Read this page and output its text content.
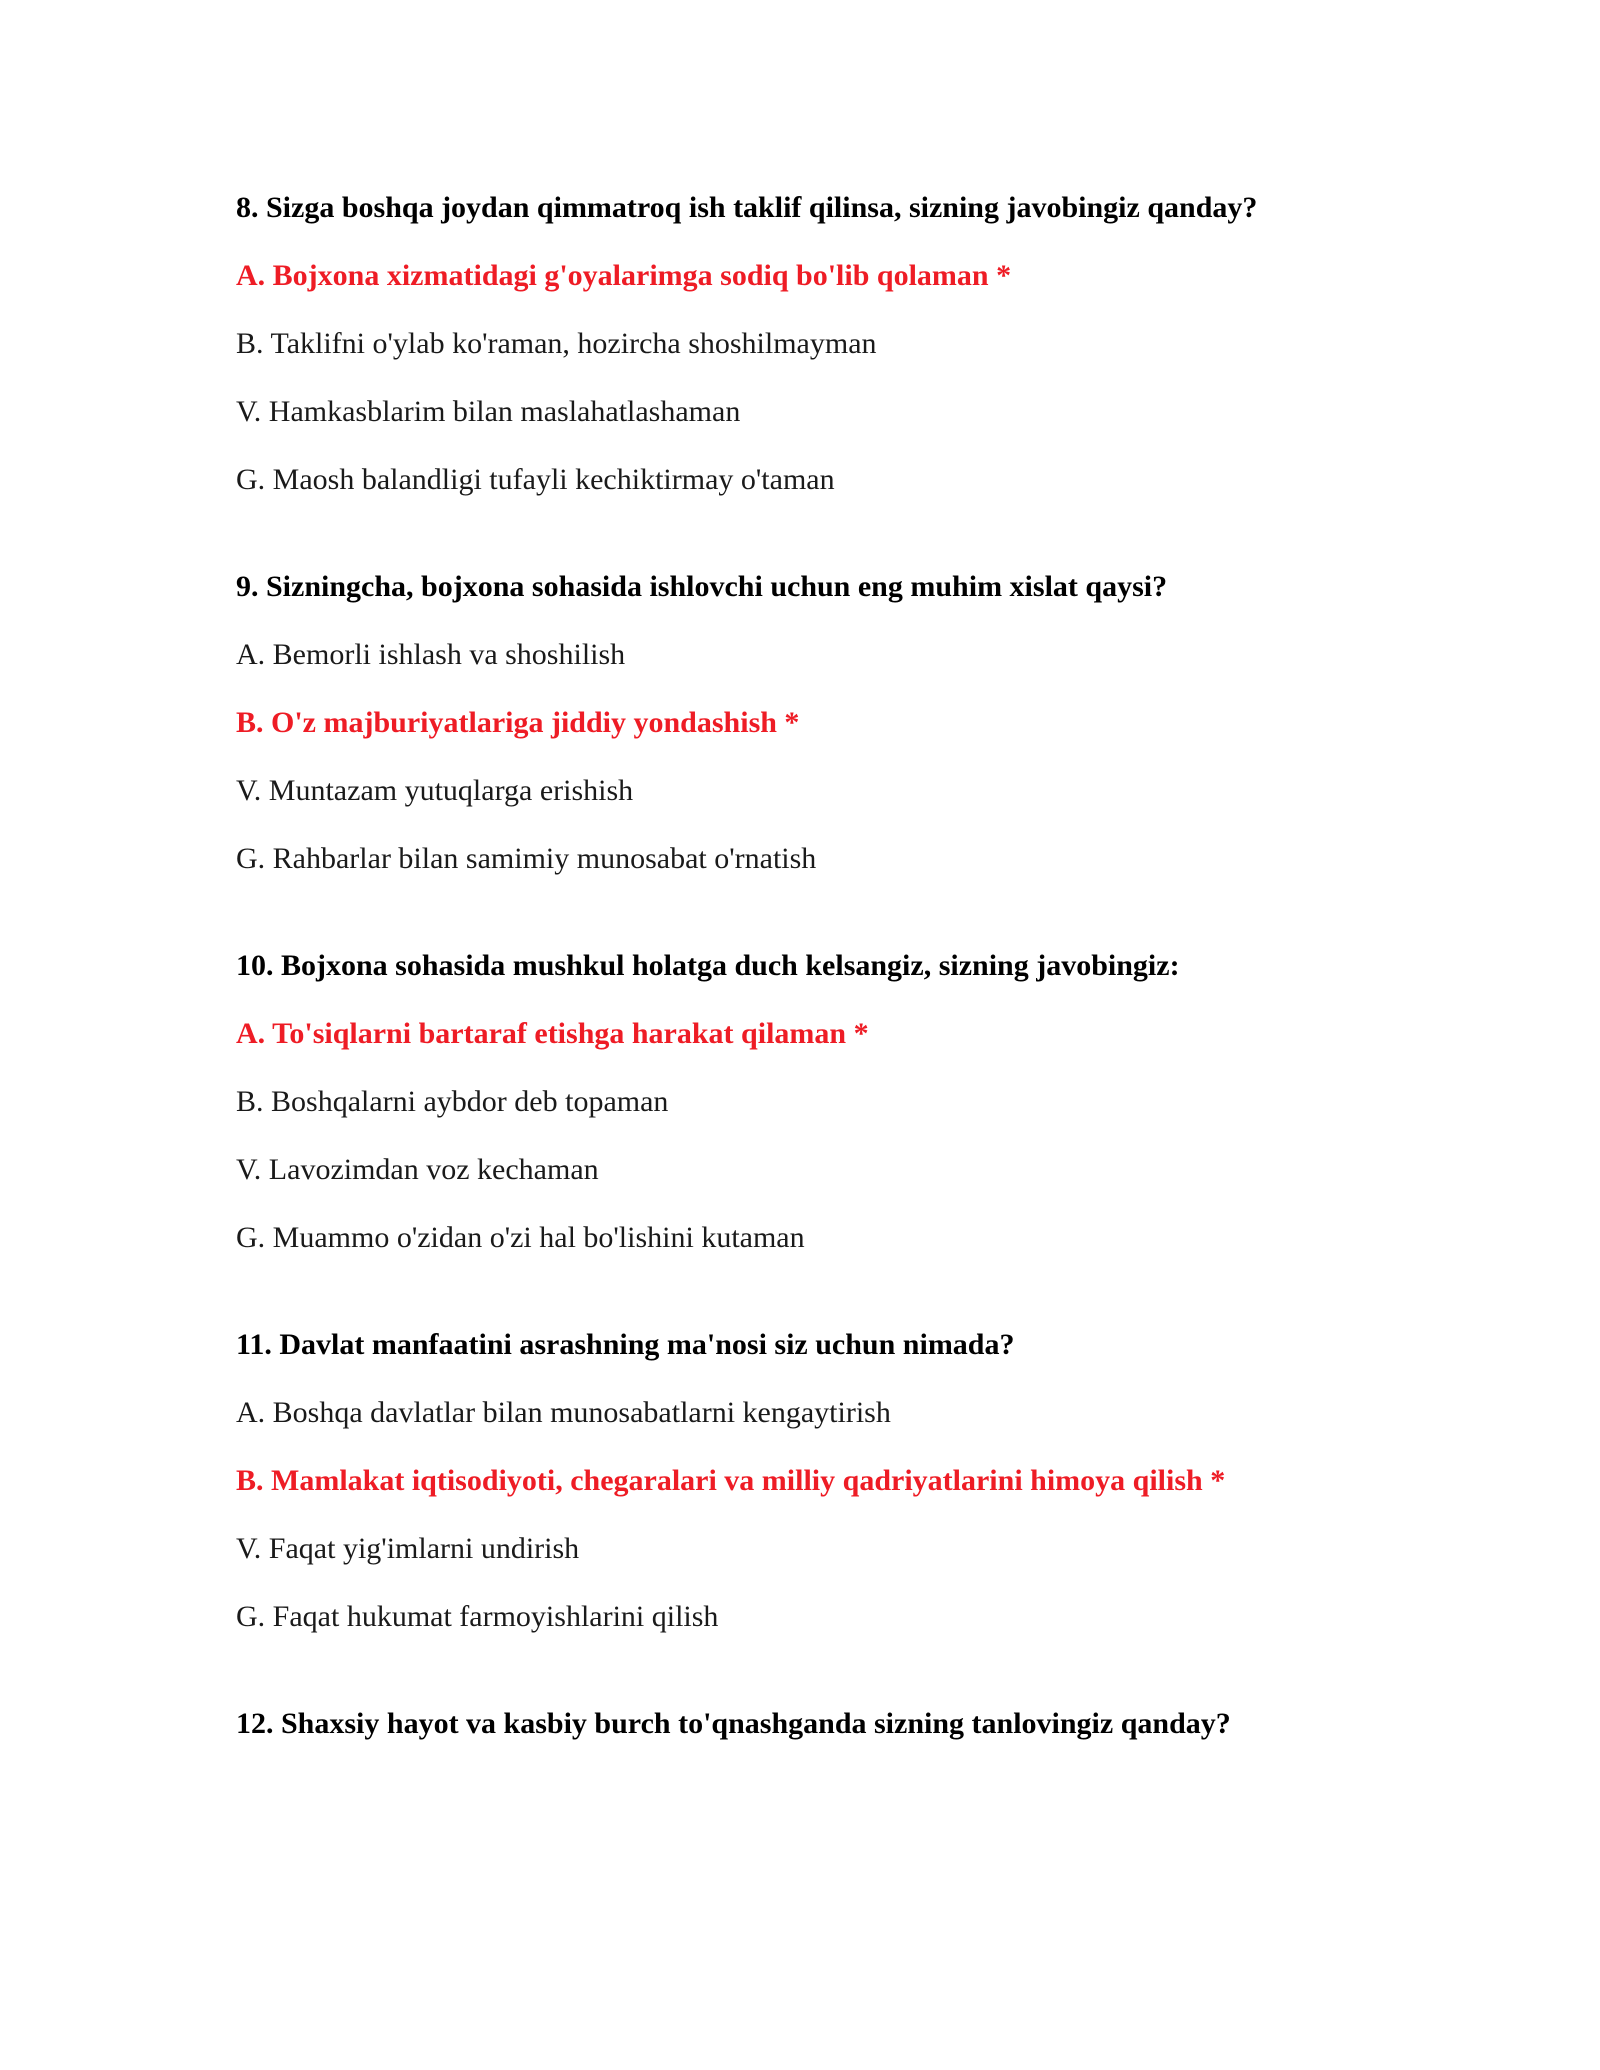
8. Sizga boshqa joydan qimmatroq ish taklif qilinsa, sizning javobingiz qanday?
A. Bojxona xizmatidagi g'oyalarimga sodiq bo'lib qolaman *
B. Taklifni o'ylab ko'raman, hozircha shoshilmayman
V. Hamkasblarim bilan maslahatlashaman
G. Maosh balandligi tufayli kechiktirmay o'taman
9. Sizningcha, bojxona sohasida ishlovchi uchun eng muhim xislat qaysi?
A. Bemorli ishlash va shoshilish
B. O'z majburiyatlariga jiddiy yondashish *
V. Muntazam yutuqlarga erishish
G. Rahbarlar bilan samimiy munosabat o'rnatish
10. Bojxona sohasida mushkul holatga duch kelsangiz, sizning javobingiz:
A. To'siqlarni bartaraf etishga harakat qilaman *
B. Boshqalarni aybdor deb topaman
V. Lavozimdan voz kechaman
G. Muammo o'zidan o'zi hal bo'lishini kutaman
11. Davlat manfaatini asrashning ma'nosi siz uchun nimada?
A. Boshqa davlatlar bilan munosabatlarni kengaytirish
B. Mamlakat iqtisodiyoti, chegaralari va milliy qadriyatlarini himoya qilish *
V. Faqat yig'imlarni undirish
G. Faqat hukumat farmoyishlarini qilish
12. Shaxsiy hayot va kasbiy burch to'qnashganda sizning tanlovingiz qanday?
